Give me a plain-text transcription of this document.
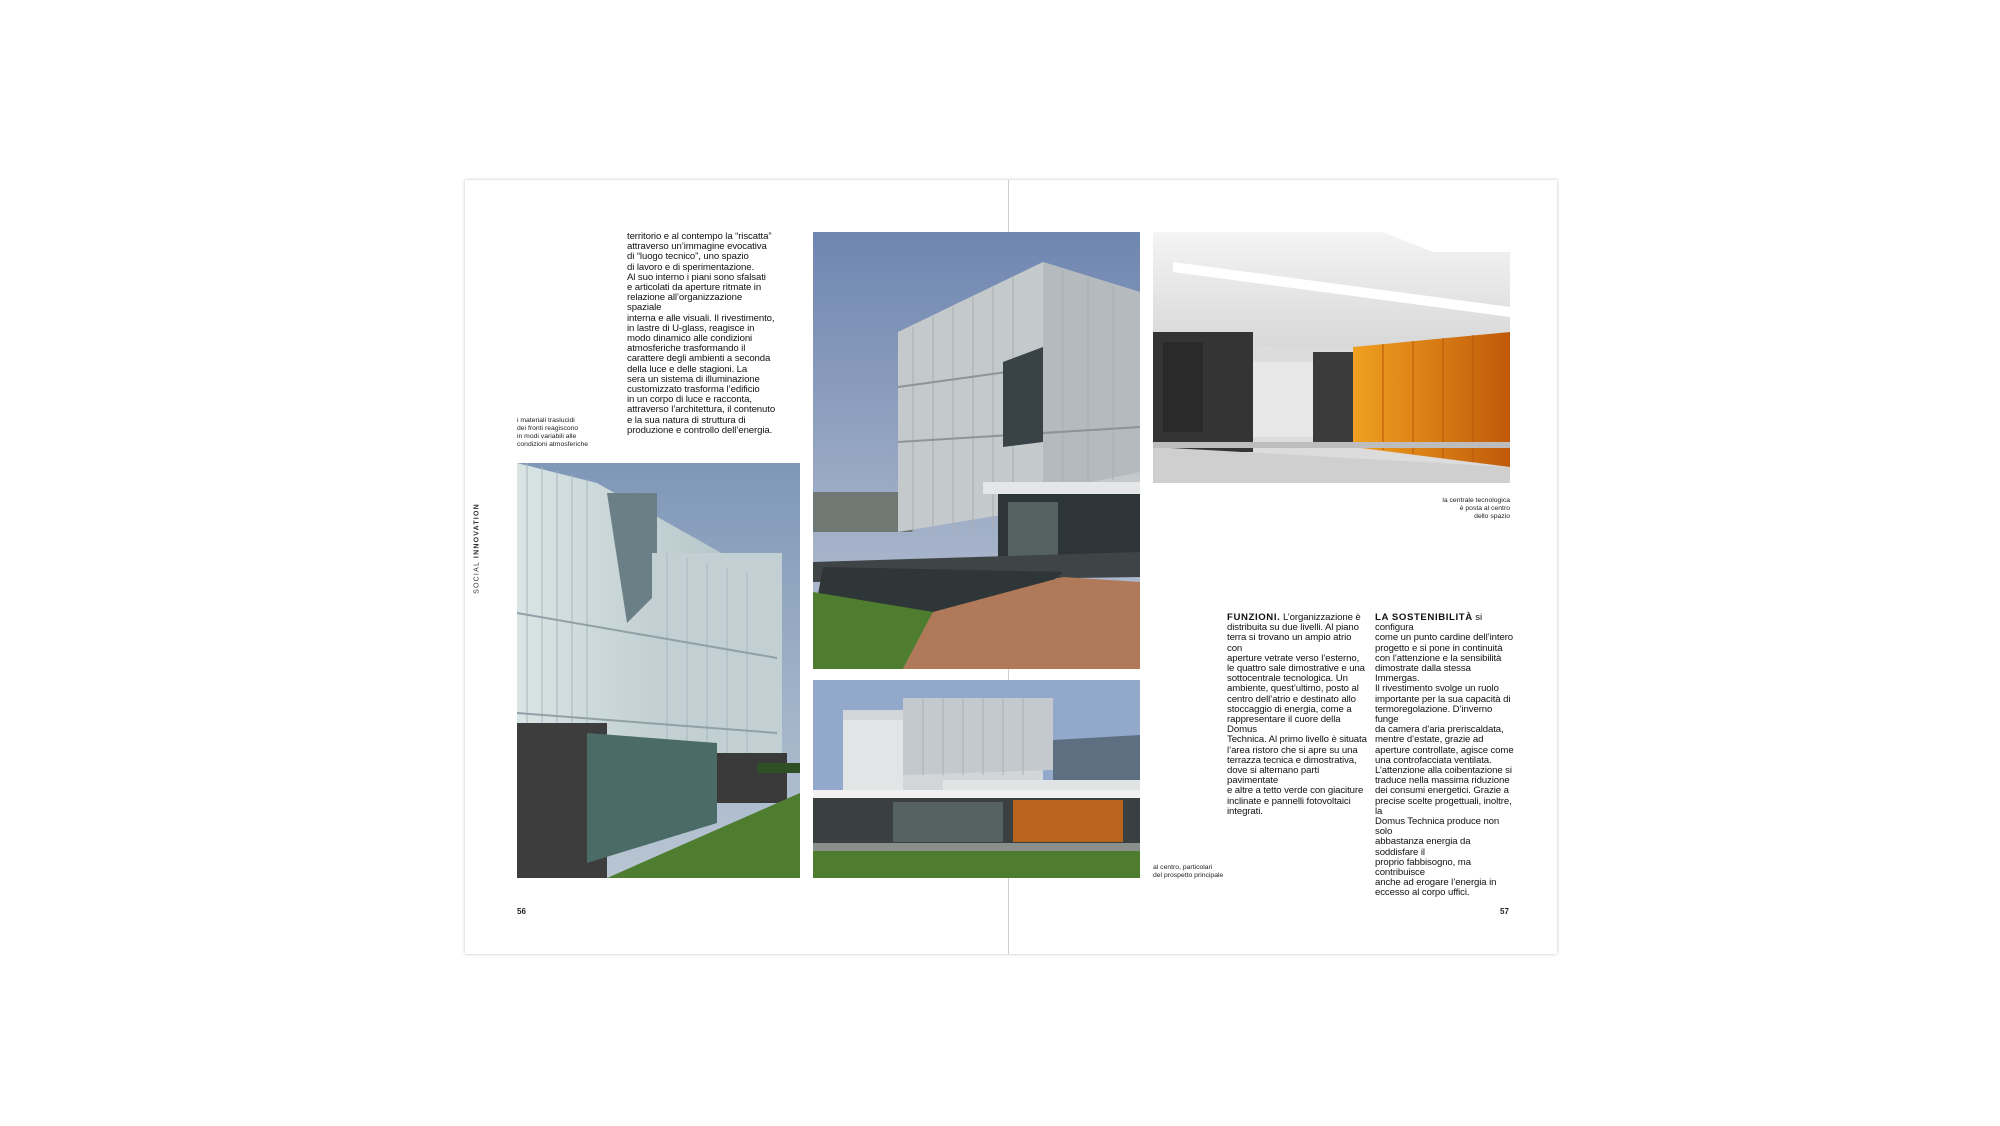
SOCIAL INNOVATION
territorio e al contempo la “riscatta”
attraverso un’immagine evocativa
di “luogo tecnico”, uno spazio
di lavoro e di sperimentazione.
Al suo interno i piani sono sfalsati
e articolati da aperture ritmate in
relazione all’organizzazione spaziale
interna e alle visuali. Il rivestimento,
in lastre di U-glass, reagisce in
modo dinamico alle condizioni
atmosferiche trasformando il
carattere degli ambienti a seconda
della luce e delle stagioni. La
sera un sistema di illuminazione
customizzato trasforma l’edificio
in un corpo di luce e racconta,
attraverso l’architettura, il contenuto
e la sua natura di struttura di
produzione e controllo dell’energia.
i materiali traslucidi
dei fronti reagiscono
in modi variabili alle
condizioni atmosferiche
la centrale tecnologica
è posta al centro
dello spazio
al centro, particolari
del prospetto principale
FUNZIONI. L’organizzazione è
distribuita su due livelli. Al piano
terra si trovano un ampio atrio con
aperture vetrate verso l’esterno,
le quattro sale dimostrative e una
sottocentrale tecnologica. Un
ambiente, quest’ultimo, posto al
centro dell’atrio e destinato allo
stoccaggio di energia, come a
rappresentare il cuore della Domus
Technica. Al primo livello è situata
l’area ristoro che si apre su una
terrazza tecnica e dimostrativa,
dove si alternano parti pavimentate
e altre a tetto verde con giaciture
inclinate e pannelli fotovoltaici
integrati.
LA SOSTENIBILITÀ si configura
come un punto cardine dell’intero
progetto e si pone in continuità
con l’attenzione e la sensibilità
dimostrate dalla stessa Immergas.
Il rivestimento svolge un ruolo
importante per la sua capacità di
termoregolazione. D’inverno funge
da camera d’aria preriscaldata,
mentre d’estate, grazie ad
aperture controllate, agisce come
una controfacciata ventilata.
L’attenzione alla coibentazione si
traduce nella massima riduzione
dei consumi energetici. Grazie a
precise scelte progettuali, inoltre, la
Domus Technica produce non solo
abbastanza energia da soddisfare il
proprio fabbisogno, ma contribuisce
anche ad erogare l’energia in
eccesso al corpo uffici.
56	57
